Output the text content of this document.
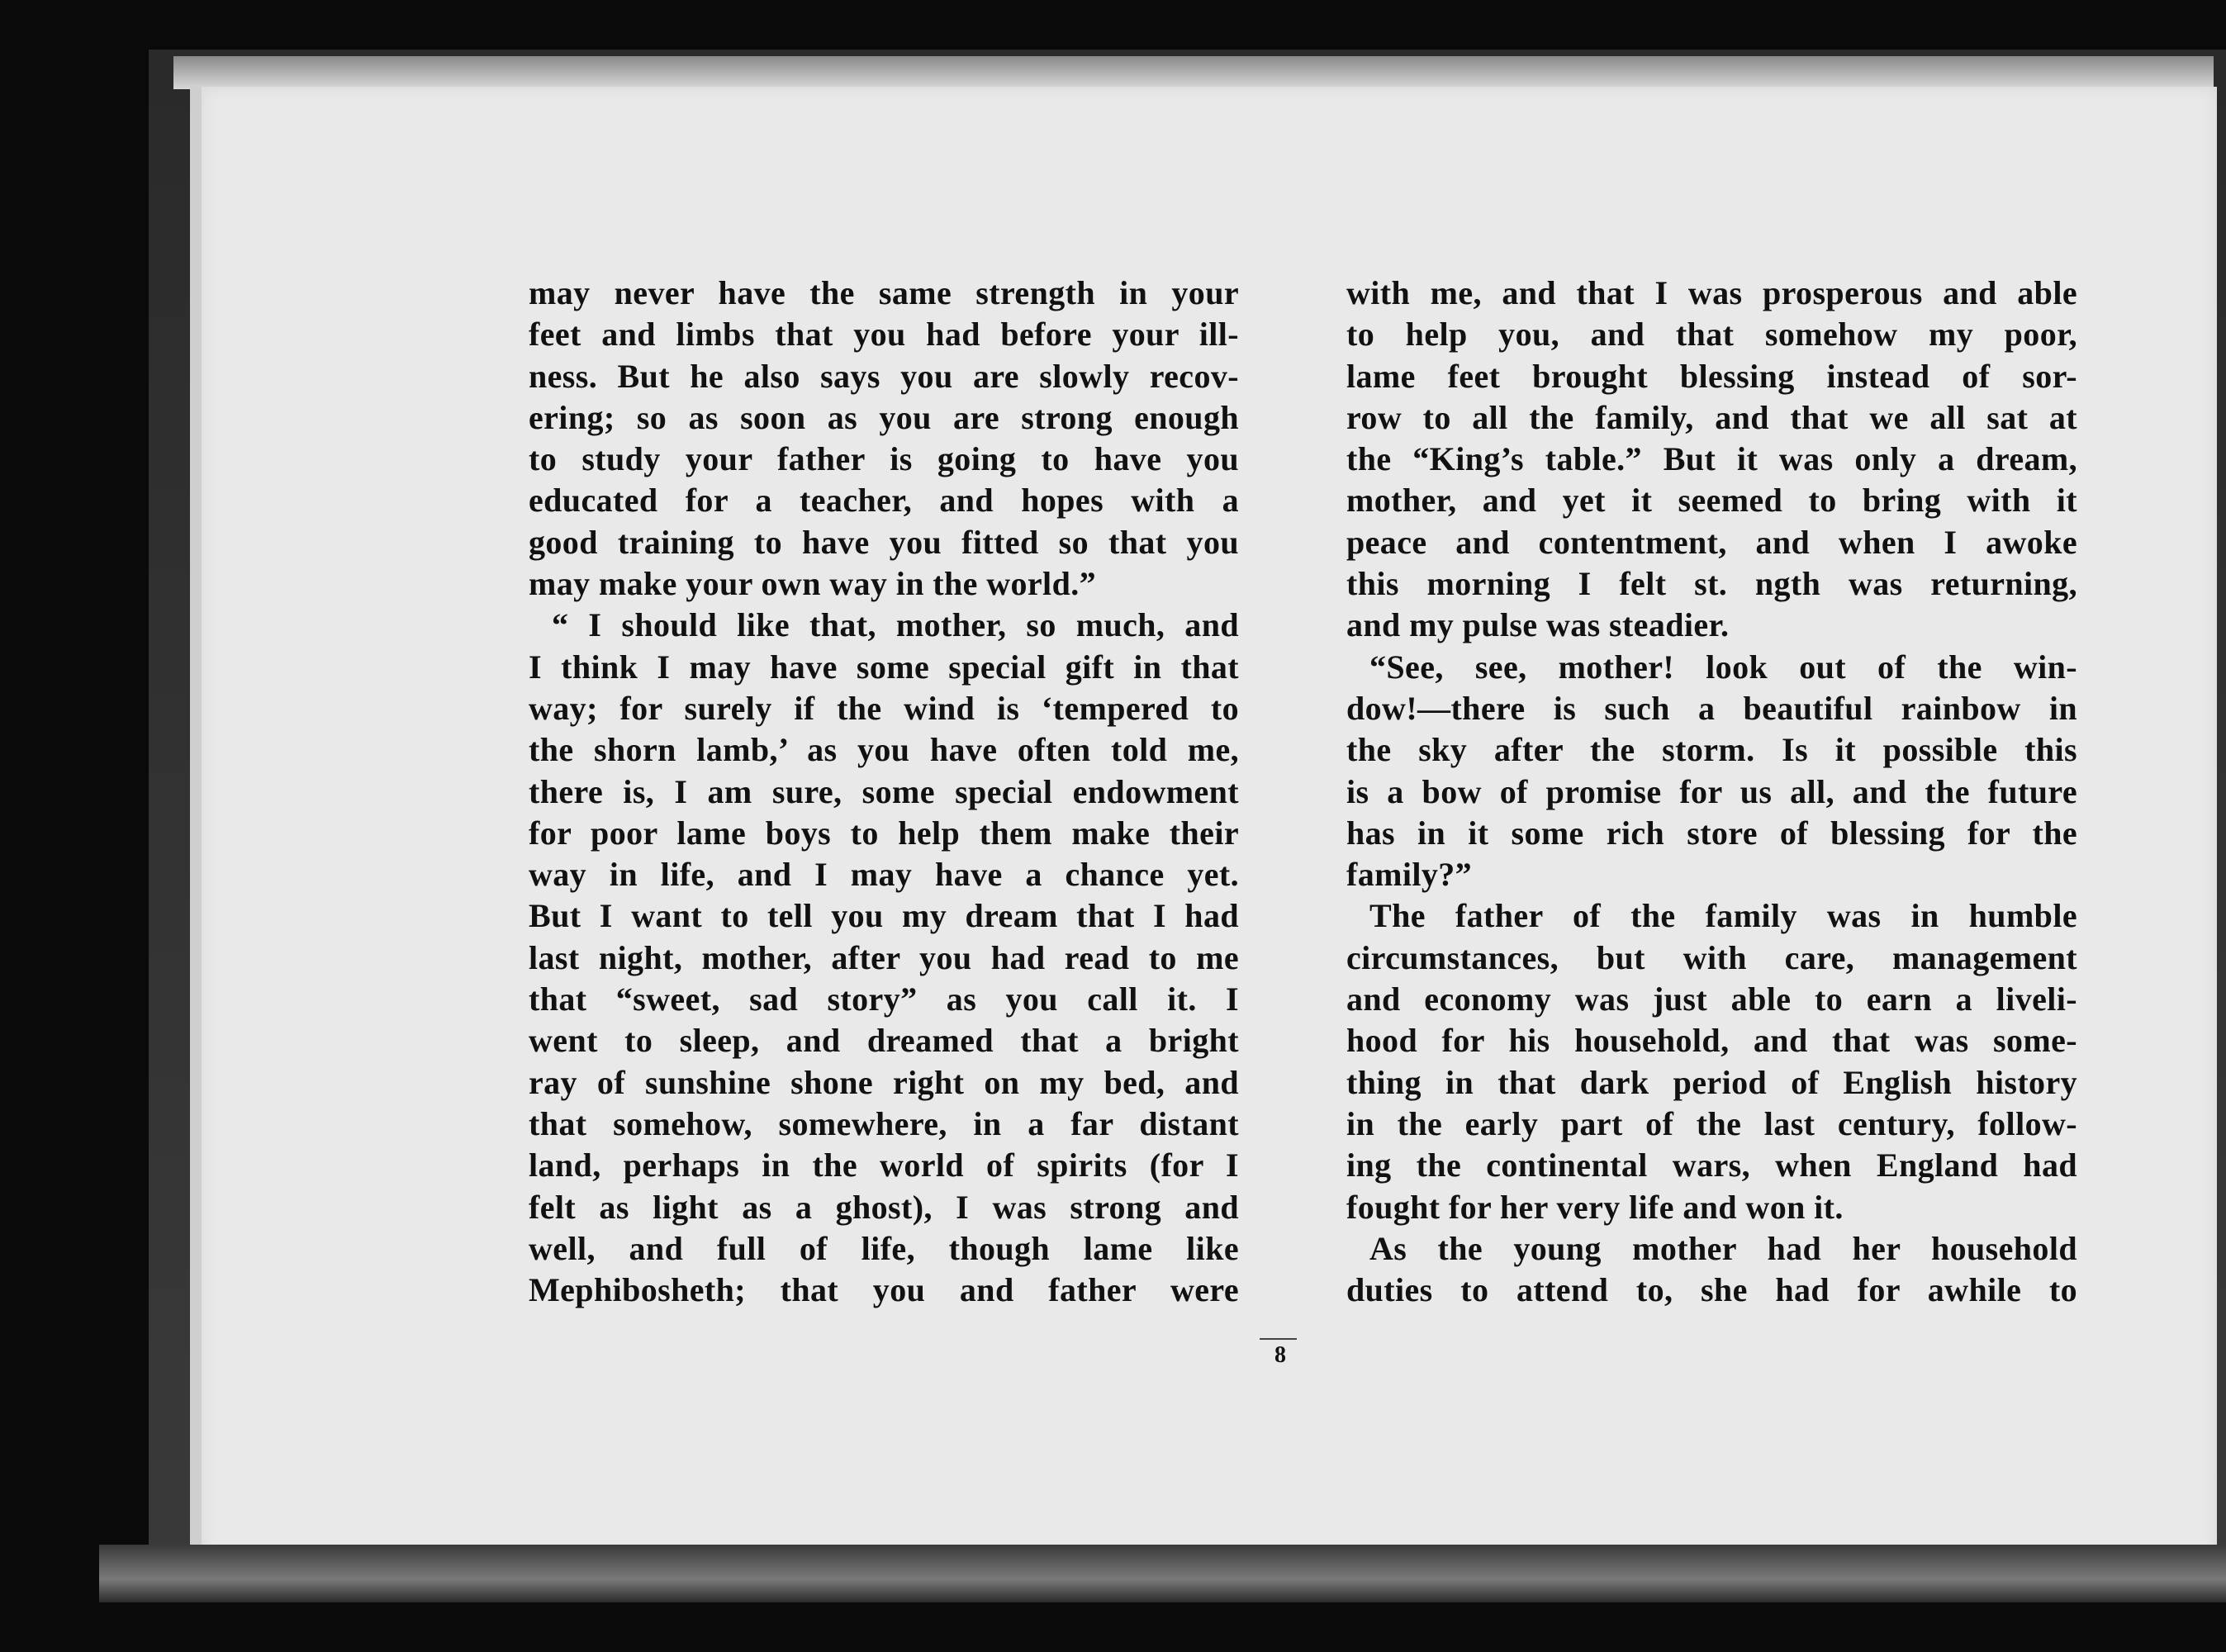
may never have the same strength in your
feet and limbs that you had before your ill-
ness. But he also says you are slowly recov-
ering; so as soon as you are strong enough
to study your father is going to have you
educated for a teacher, and hopes with a
good training to have you fitted so that you
may make your own way in the world.”
“ I should like that, mother, so much, and
I think I may have some special gift in that
way; for surely if the wind is ‘tempered to
the shorn lamb,’ as you have often told me,
there is, I am sure, some special endowment
for poor lame boys to help them make their
way in life, and I may have a chance yet.
But I want to tell you my dream that I had
last night, mother, after you had read to me
that “sweet, sad story” as you call it. I
went to sleep, and dreamed that a bright
ray of sunshine shone right on my bed, and
that somehow, somewhere, in a far distant
land, perhaps in the world of spirits (for I
felt as light as a ghost), I was strong and
well, and full of life, though lame like
Mephibosheth; that you and father were
with me, and that I was prosperous and able
to help you, and that somehow my poor,
lame feet brought blessing instead of sor-
row to all the family, and that we all sat at
the “King’s table.” But it was only a dream,
mother, and yet it seemed to bring with it
peace and contentment, and when I awoke
this morning I felt st. ngth was returning,
and my pulse was steadier.
“See, see, mother! look out of the win-
dow!—there is such a beautiful rainbow in
the sky after the storm. Is it possible this
is a bow of promise for us all, and the future
has in it some rich store of blessing for the
family?”
The father of the family was in humble
circumstances, but with care, management
and economy was just able to earn a liveli-
hood for his household, and that was some-
thing in that dark period of English history
in the early part of the last century, follow-
ing the continental wars, when England had
fought for her very life and won it.
As the young mother had her household
duties to attend to, she had for awhile to
8
